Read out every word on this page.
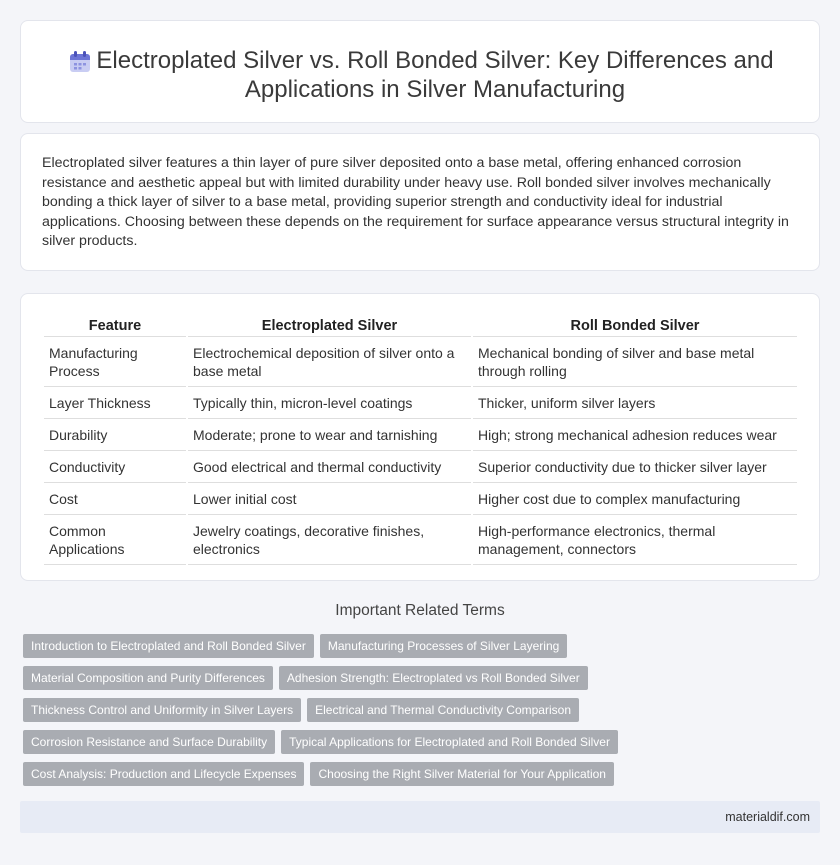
Electroplated Silver vs. Roll Bonded Silver: Key Differences and Applications in Silver Manufacturing

Electroplated silver features a thin layer of pure silver deposited onto a base metal, offering enhanced corrosion resistance and aesthetic appeal but with limited durability under heavy use. Roll bonded silver involves mechanically bonding a thick layer of silver to a base metal, providing superior strength and conductivity ideal for industrial applications. Choosing between these depends on the requirement for surface appearance versus structural integrity in silver products.

Feature	Electroplated Silver	Roll Bonded Silver
Manufacturing Process	Electrochemical deposition of silver onto a base metal	Mechanical bonding of silver and base metal through rolling
Layer Thickness	Typically thin, micron-level coatings	Thicker, uniform silver layers
Durability	Moderate; prone to wear and tarnishing	High; strong mechanical adhesion reduces wear
Conductivity	Good electrical and thermal conductivity	Superior conductivity due to thicker silver layer
Cost	Lower initial cost	Higher cost due to complex manufacturing
Common Applications	Jewelry coatings, decorative finishes, electronics	High-performance electronics, thermal management, connectors
Important Related Terms
Introduction to Electroplated and Roll Bonded Silver	Manufacturing Processes of Silver Layering
Material Composition and Purity Differences	Adhesion Strength: Electroplated vs Roll Bonded Silver
Thickness Control and Uniformity in Silver Layers	Electrical and Thermal Conductivity Comparison
Corrosion Resistance and Surface Durability	Typical Applications for Electroplated and Roll Bonded Silver
Cost Analysis: Production and Lifecycle Expenses	Choosing the Right Silver Material for Your Application
materialdif.com
